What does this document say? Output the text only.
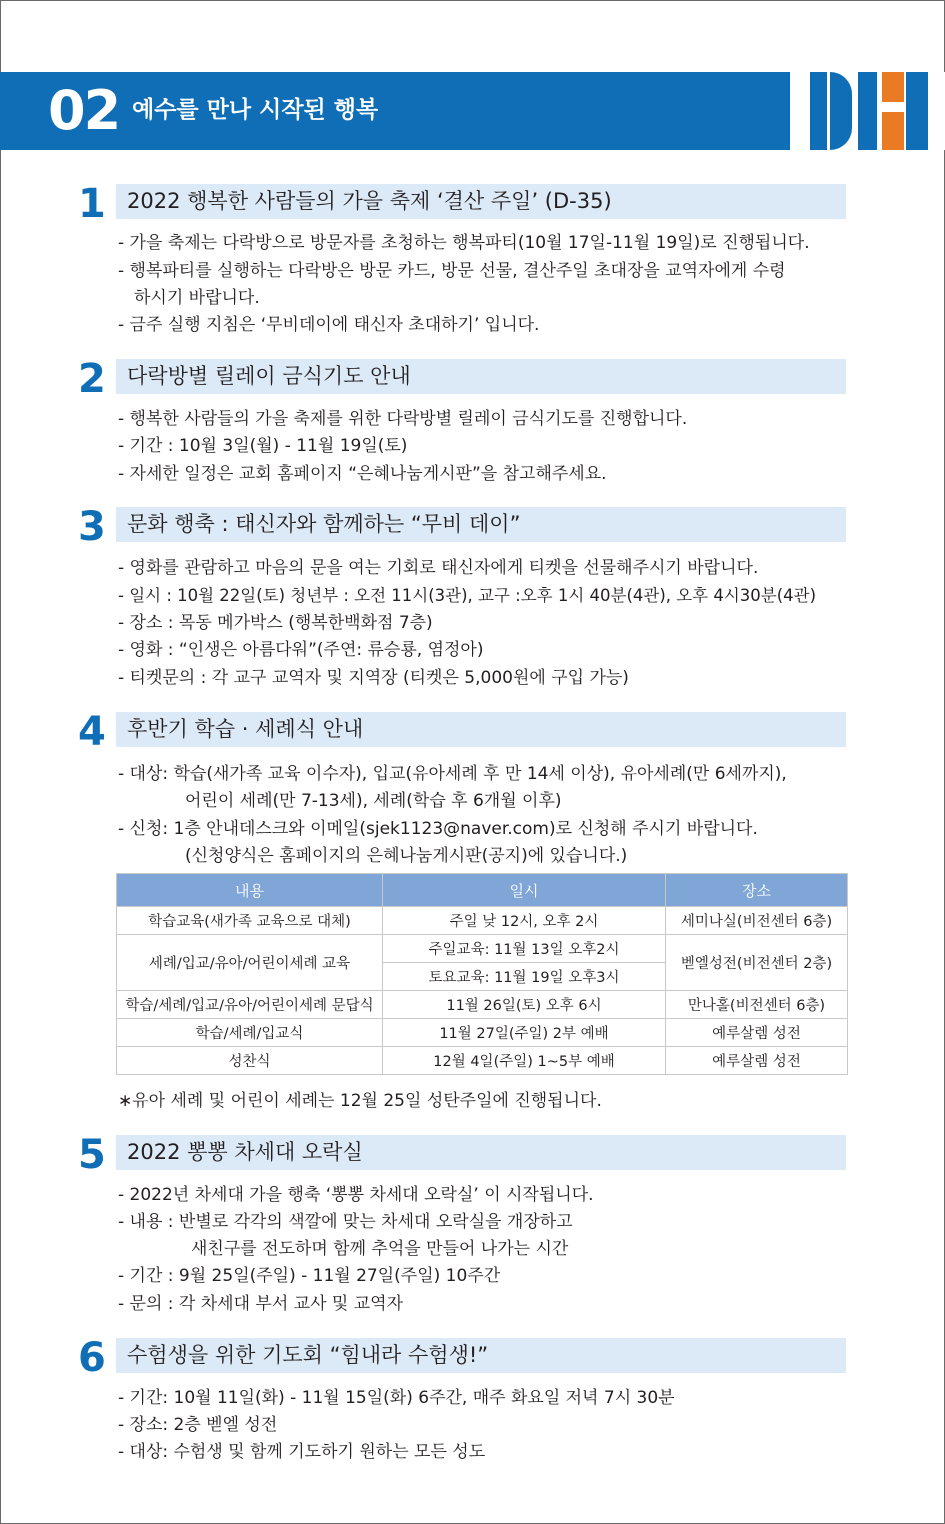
02 예수를 만나 시작된 행복
1	2022 행복한 사람들의 가을 축제 ‘결산 주일’ (D-35)
- 가을 축제는 다락방으로 방문자를 초청하는 행복파티(10월 17일-11월 19일)로 진행됩니다.
- 행복파티를 실행하는 다락방은 방문 카드, 방문 선물, 결산주일 초대장을 교역자에게 수령
하시기 바랍니다.
- 금주 실행 지침은 ‘무비데이에 태신자 초대하기’ 입니다.
2	다락방별 릴레이 금식기도 안내
- 행복한 사람들의 가을 축제를 위한 다락방별 릴레이 금식기도를 진행합니다.
- 기간 : 10월 3일(월) - 11월 19일(토)
- 자세한 일정은 교회 홈페이지 “은혜나눔게시판”을 참고해주세요.
3	문화 행축 : 태신자와 함께하는 “무비 데이”
- 영화를 관람하고 마음의 문을 여는 기회로 태신자에게 티켓을 선물해주시기 바랍니다.
- 일시 : 10월 22일(토) 청년부 : 오전 11시(3관), 교구 :오후 1시 40분(4관), 오후 4시30분(4관)
- 장소 : 목동 메가박스 (행복한백화점 7층)
- 영화 : “인생은 아름다워”(주연: 류승룡, 염정아)
- 티켓문의 : 각 교구 교역자 및 지역장 (티켓은 5,000원에 구입 가능)
4	후반기 학습 · 세례식 안내
- 대상: 학습(새가족 교육 이수자), 입교(유아세례 후 만 14세 이상), 유아세례(만 6세까지),
어린이 세례(만 7-13세), 세례(학습 후 6개월 이후)
- 신청: 1층 안내데스크와 이메일(sjek1123@naver.com)로 신청해 주시기 바랍니다.
(신청양식은 홈페이지의 은혜나눔게시판(공지)에 있습니다.)
내용	일시	장소
학습교육(새가족 교육으로 대체)	주일 낮 12시, 오후 2시	세미나실(비전센터 6층)
세례/입교/유아/어린이세례 교육	주일교육: 11월 13일 오후2시	벧엘성전(비전센터 2층)
	토요교육: 11월 19일 오후3시	
학습/세례/입교/유아/어린이세례 문답식	11월 26일(토) 오후 6시	만나홀(비전센터 6층)
학습/세례/입교식	11월 27일(주일) 2부 예배	예루살렘 성전
성찬식	12월 4일(주일) 1~5부 예배	예루살렘 성전
∗유아 세례 및 어린이 세례는 12월 25일 성탄주일에 진행됩니다.
5	2022 뽕뽕 차세대 오락실
- 2022년 차세대 가을 행축 ‘뽕뽕 차세대 오락실’ 이 시작됩니다.
- 내용 : 반별로 각각의 색깔에 맞는 차세대 오락실을 개장하고
새친구를 전도하며 함께 추억을 만들어 나가는 시간
- 기간 : 9월 25일(주일) - 11월 27일(주일) 10주간
- 문의 : 각 차세대 부서 교사 및 교역자
6	수험생을 위한 기도회 “힘내라 수험생!”
- 기간: 10월 11일(화) - 11월 15일(화) 6주간, 매주 화요일 저녁 7시 30분
- 장소: 2층 벧엘 성전
- 대상: 수험생 및 함께 기도하기 원하는 모든 성도
